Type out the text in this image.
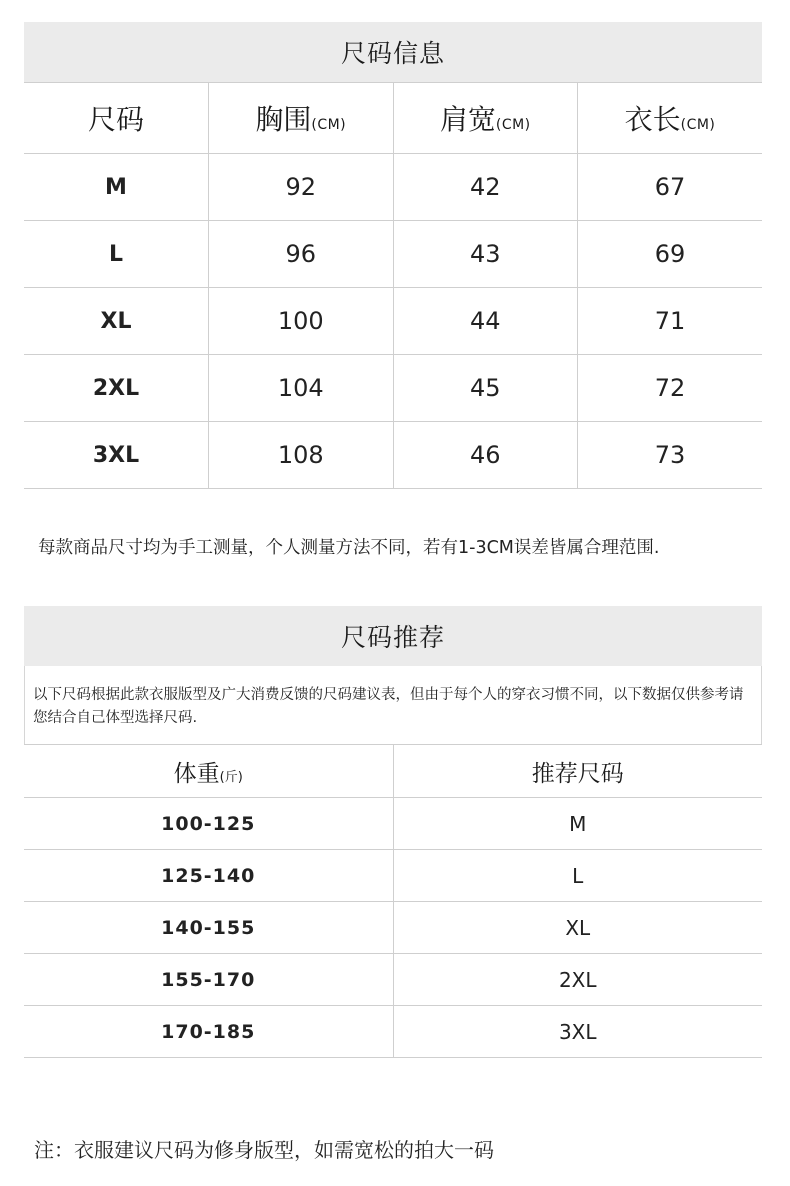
尺码信息
尺码	胸围(CM)	肩宽(CM)	衣长(CM)
M	92	42	67
L	96	43	69
XL	100	44	71
2XL	104	45	72
3XL	108	46	73
每款商品尺寸均为手工测量，个人测量方法不同，若有1-3CM误差皆属合理范围.
尺码推荐
以下尺码根据此款衣服版型及广大消费反馈的尺码建议表，但由于每个人的穿衣习惯不同，以下数据仅供参考请您结合自己体型选择尺码.
体重(斤)	推荐尺码
100-125	M
125-140	L
140-155	XL
155-170	2XL
170-185	3XL
注：衣服建议尺码为修身版型，如需宽松的拍大一码
